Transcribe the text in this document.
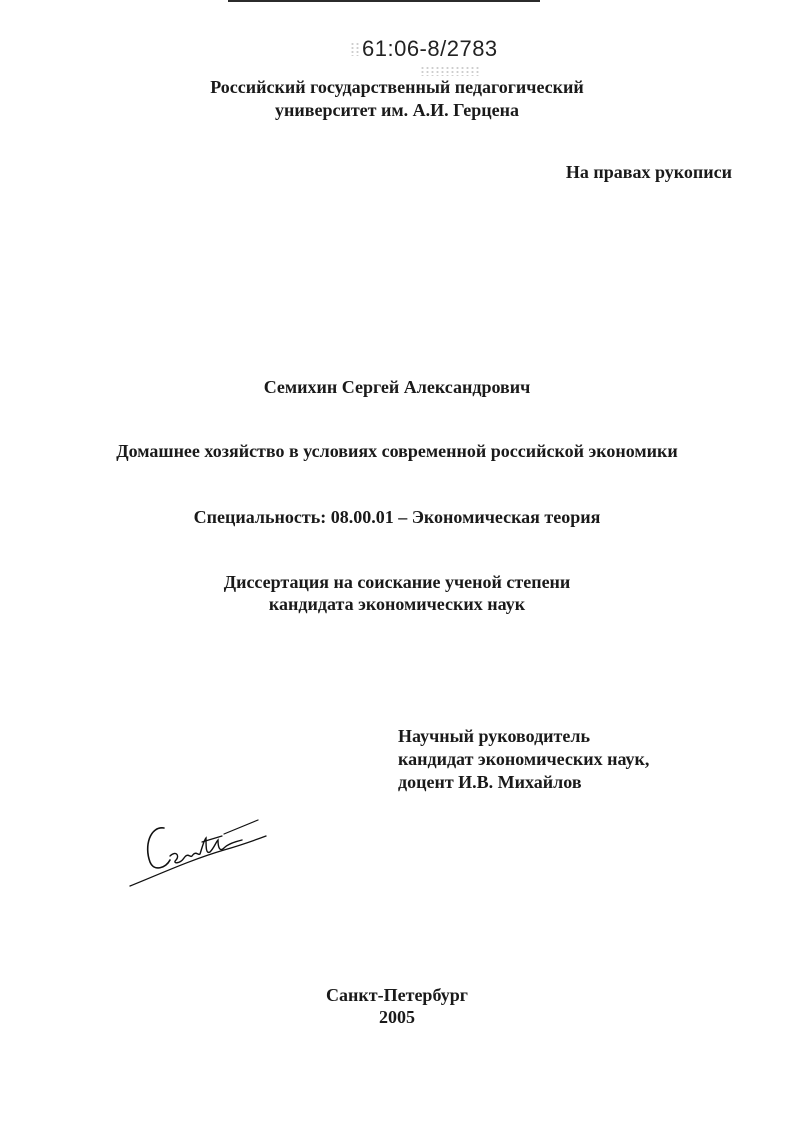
61:06-8/2783
Российский государственный педагогический
университет им. А.И. Герцена
На правах рукописи
Семихин Сергей Александрович
Домашнее хозяйство в условиях современной российской экономики
Специальность: 08.00.01 – Экономическая теория
Диссертация на соискание ученой степени
кандидата экономических наук
Научный руководитель
кандидат экономических наук,
доцент И.В. Михайлов
Санкт-Петербург
2005
